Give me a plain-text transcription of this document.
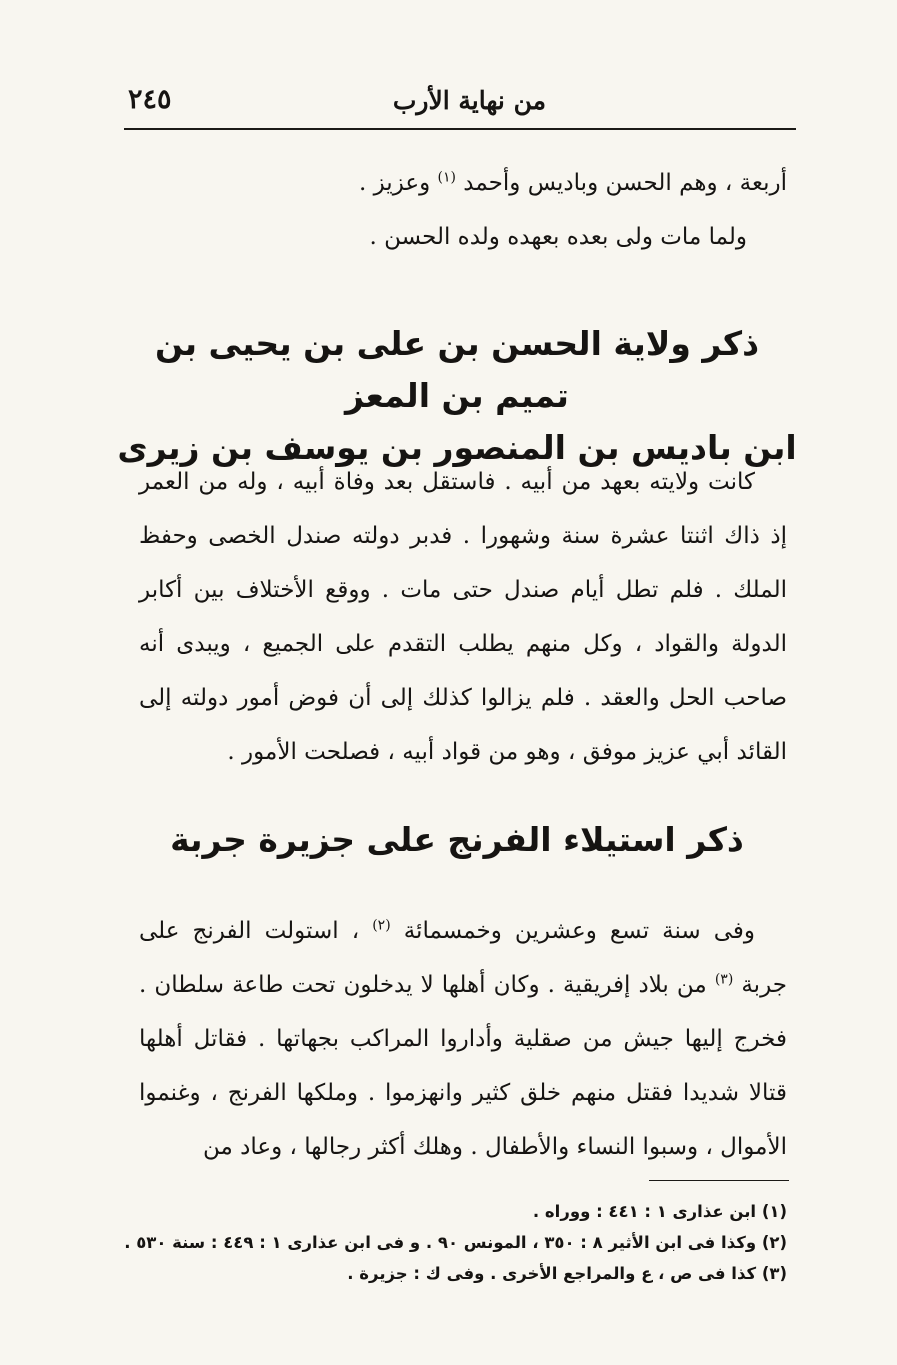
من نهاية الأرب
٢٤٥

أربعة ، وهم الحسن وباديس وأحمد $^{(١)}$ وعزيز .

ولما مات ولى بعده بعهده ولده الحسن .

ذكر ولاية الحسن بن على بن يحيى بن تميم بن المعز
ابن باديس بن المنصور بن يوسف بن زيرى

كانت ولايته بعهد من أبيه . فاستقل بعد وفاة أبيه ، وله من العمر إذ ذاك اثنتا عشرة سنة وشهورا . فدبر دولته صندل الخصى وحفظ الملك . فلم تطل أيام صندل حتى مات . ووقع الأختلاف بين أكابر الدولة والقواد ، وكل منهم يطلب التقدم على الجميع ، ويبدى أنه صاحب الحل والعقد . فلم يزالوا كذلك إلى أن فوض أمور دولته إلى القائد أبي عزيز موفق ، وهو من قواد أبيه ، فصلحت الأمور .

ذكر استيلاء الفرنج على جزيرة جربة

وفى سنة تسع وعشرين وخمسمائة $^{(٢)}$ ، استولت الفرنج على جربة $^{(٣)}$ من بلاد إفريقية . وكان أهلها لا يدخلون تحت طاعة سلطان . فخرج إليها جيش من صقلية وأداروا المراكب بجهاتها . فقاتل أهلها قتالا شديدا فقتل منهم خلق كثير وانهزموا . وملكها الفرنج ، وغنموا الأموال ، وسبوا النساء والأطفال . وهلك أكثر رجالها ، وعاد من

(١) ابن عذارى ١ : ٤٤١ : ووراه .
(٢) وكذا فى ابن الأثير ٨ : ٣٥٠ ، المونس ٩٠ . و فى ابن عذارى ١ : ٤٤٩ : سنة ٥٣٠ .
(٣) كذا فى ص ، ع والمراجع الأخرى . وفى ك : جزيرة .
